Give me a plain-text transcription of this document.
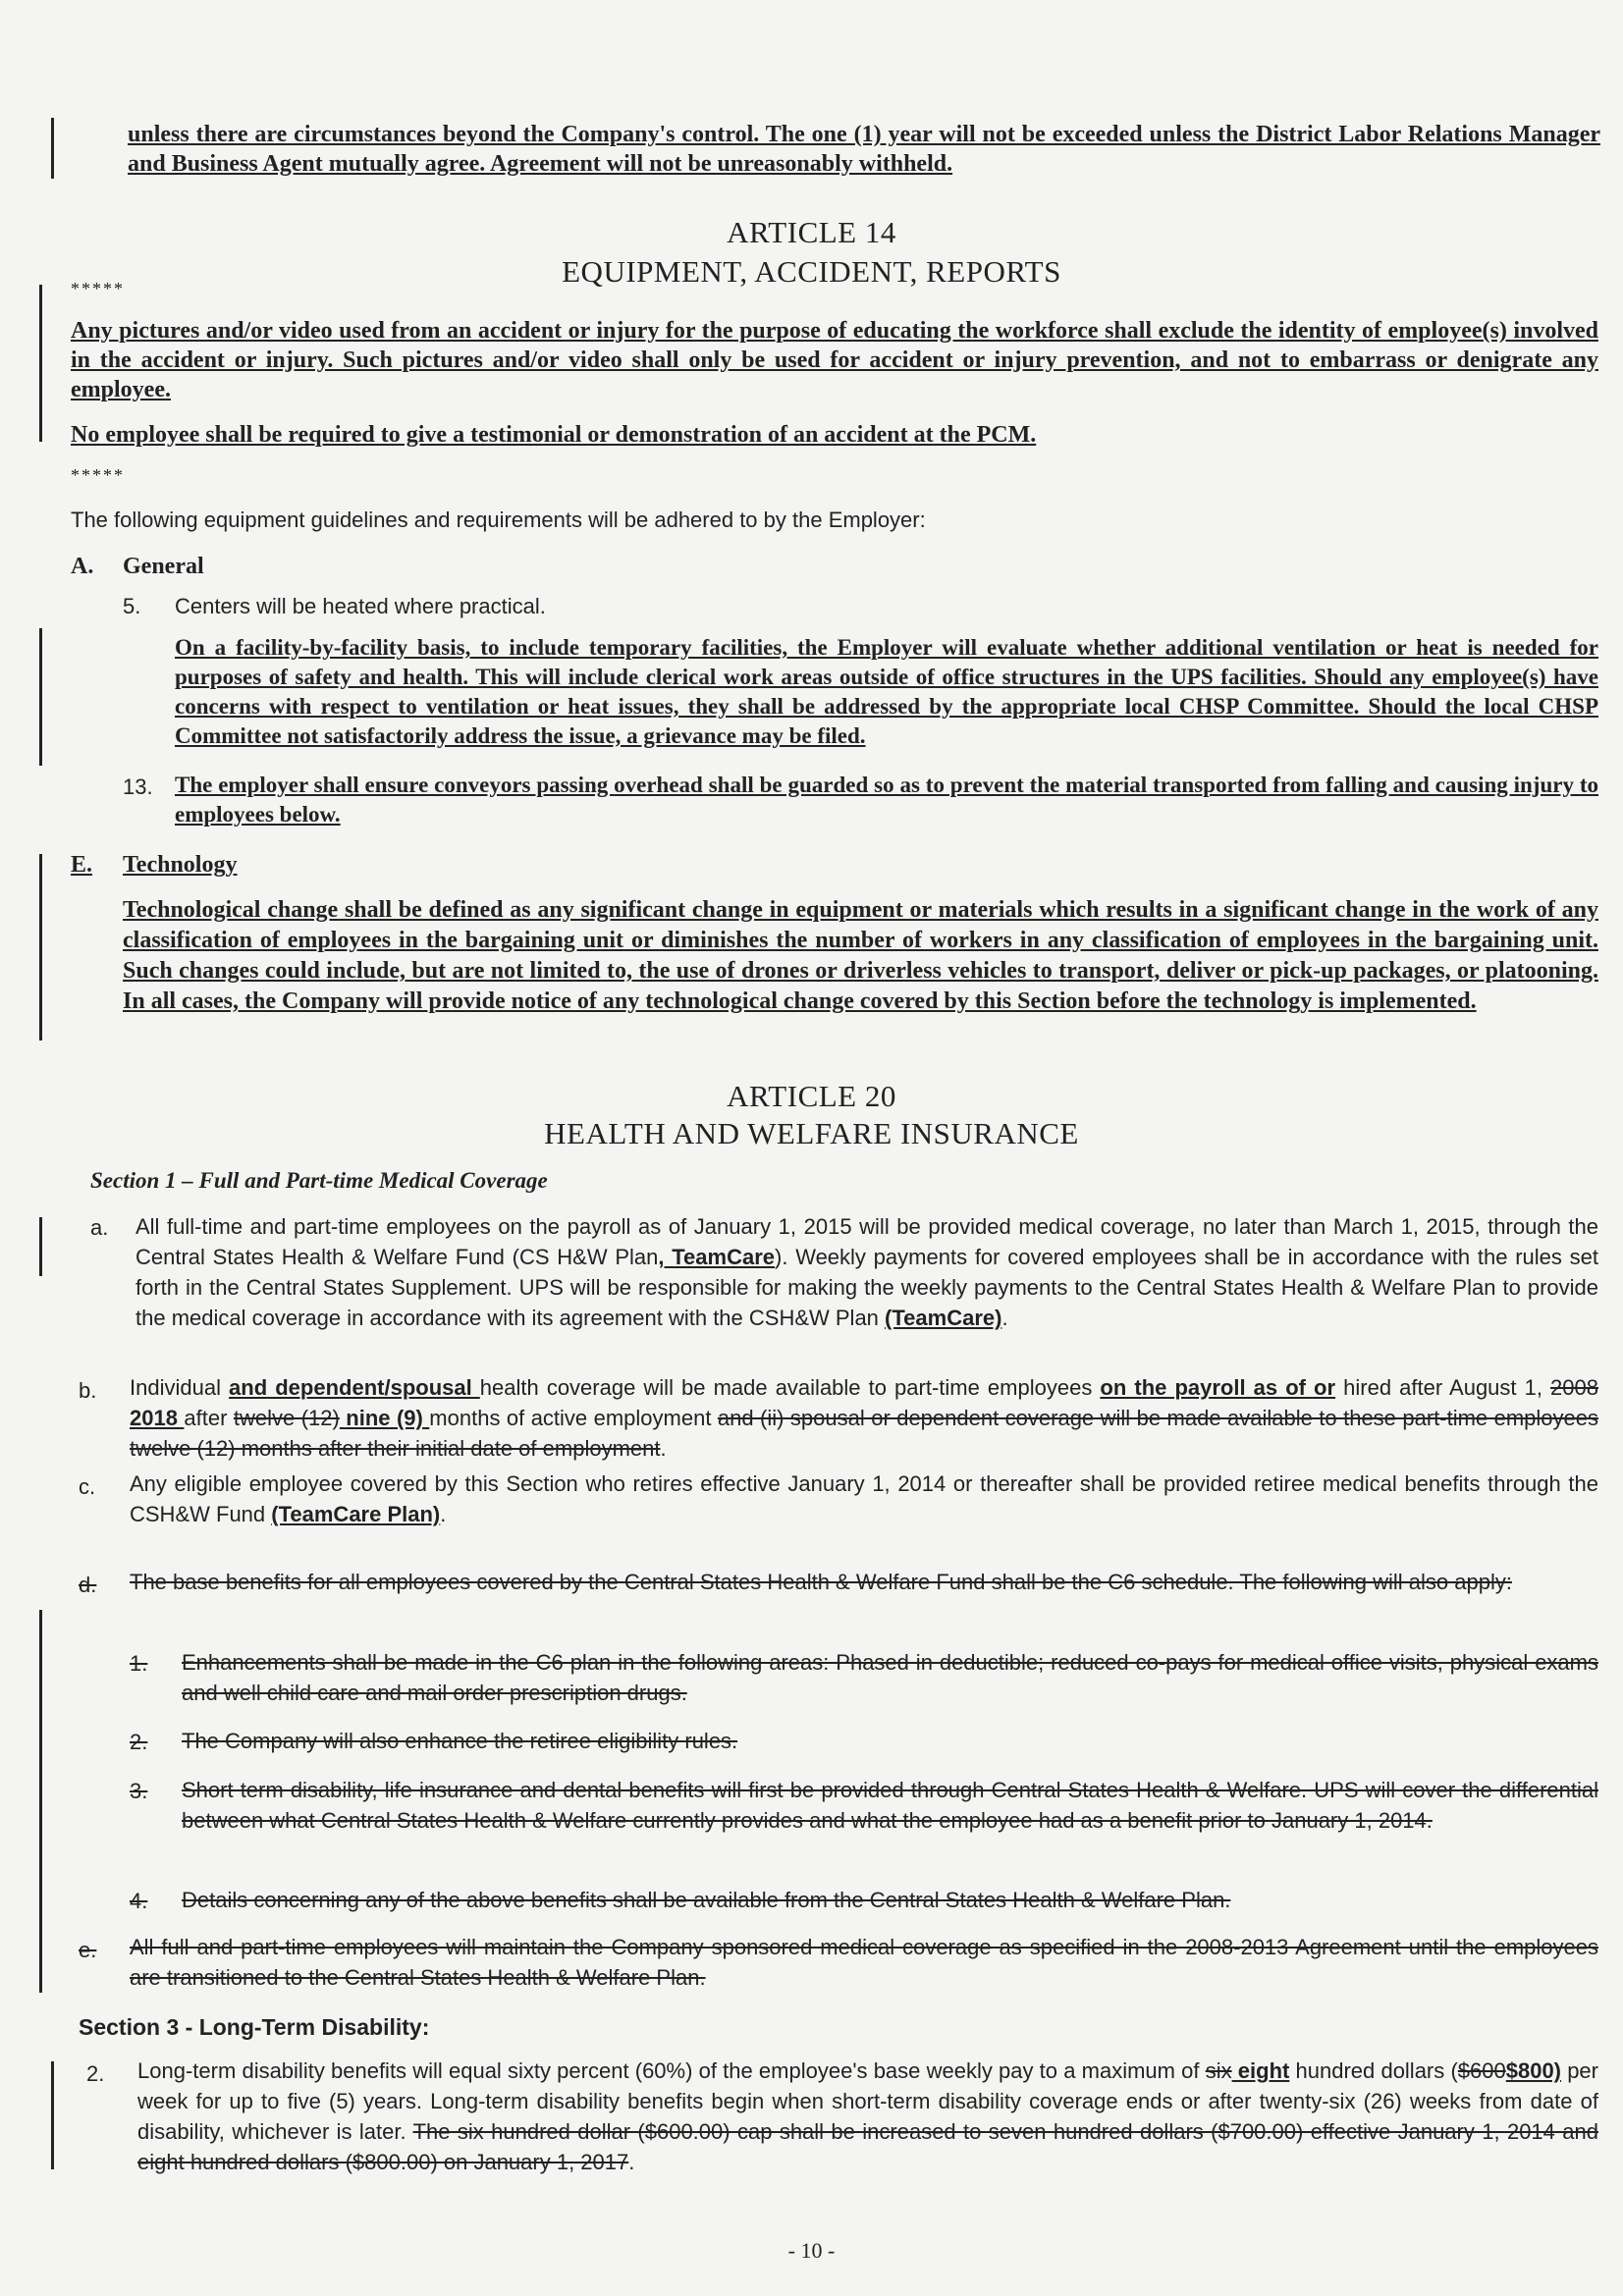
unless there are circumstances beyond the Company's control. The one (1) year will not be exceeded unless the District Labor Relations Manager and Business Agent mutually agree. Agreement will not be unreasonably withheld.

ARTICLE 14
EQUIPMENT, ACCIDENT, REPORTS
*****

Any pictures and/or video used from an accident or injury for the purpose of educating the workforce shall exclude the identity of employee(s) involved in the accident or injury. Such pictures and/or video shall only be used for accident or injury prevention, and not to embarrass or denigrate any employee.

No employee shall be required to give a testimonial or demonstration of an accident at the PCM.

*****

The following equipment guidelines and requirements will be adhered to by the Employer:

A. General
5. Centers will be heated where practical.

On a facility-by-facility basis, to include temporary facilities, the Employer will evaluate whether additional ventilation or heat is needed for purposes of safety and health. This will include clerical work areas outside of office structures in the UPS facilities. Should any employee(s) have concerns with respect to ventilation or heat issues, they shall be addressed by the appropriate local CHSP Committee. Should the local CHSP Committee not satisfactorily address the issue, a grievance may be filed.

13. The employer shall ensure conveyors passing overhead shall be guarded so as to prevent the material transported from falling and causing injury to employees below.

E. Technology

Technological change shall be defined as any significant change in equipment or materials which results in a significant change in the work of any classification of employees in the bargaining unit or diminishes the number of workers in any classification of employees in the bargaining unit. Such changes could include, but are not limited to, the use of drones or driverless vehicles to transport, deliver or pick-up packages, or platooning. In all cases, the Company will provide notice of any technological change covered by this Section before the technology is implemented.

ARTICLE 20
HEALTH AND WELFARE INSURANCE
Section 1 – Full and Part-time Medical Coverage
a. All full-time and part-time employees on the payroll as of January 1, 2015 will be provided medical coverage, no later than March 1, 2015, through the Central States Health & Welfare Fund (CS H&W Plan, TeamCare). Weekly payments for covered employees shall be in accordance with the rules set forth in the Central States Supplement. UPS will be responsible for making the weekly payments to the Central States Health & Welfare Plan to provide the medical coverage in accordance with its agreement with the CSH&W Plan (TeamCare).

b. Individual and dependent/spousal health coverage will be made available to part-time employees on the payroll as of or hired after August 1, 2008 2018 after twelve (12) nine (9) months of active employment and (ii) spousal or dependent coverage will be made available to these part-time employees twelve (12) months after their initial date of employment.

c. Any eligible employee covered by this Section who retires effective January 1, 2014 or thereafter shall be provided retiree medical benefits through the CSH&W Fund (TeamCare Plan).

d. The base benefits for all employees covered by the Central States Health & Welfare Fund shall be the C6 schedule. The following will also apply:

1. Enhancements shall be made in the C6 plan in the following areas: Phased in deductible; reduced co-pays for medical office visits, physical exams and well child care and mail order prescription drugs.

2. The Company will also enhance the retiree eligibility rules.

3. Short term disability, life insurance and dental benefits will first be provided through Central States Health & Welfare. UPS will cover the differential between what Central States Health & Welfare currently provides and what the employee had as a benefit prior to January 1, 2014.

4. Details concerning any of the above benefits shall be available from the Central States Health & Welfare Plan.

e. All full and part-time employees will maintain the Company sponsored medical coverage as specified in the 2008-2013 Agreement until the employees are transitioned to the Central States Health & Welfare Plan.

Section 3 - Long-Term Disability:
2. Long-term disability benefits will equal sixty percent (60%) of the employee's base weekly pay to a maximum of six eight hundred dollars ($600$800) per week for up to five (5) years. Long-term disability benefits begin when short-term disability coverage ends or after twenty-six (26) weeks from date of disability, whichever is later. The six hundred dollar ($600.00) cap shall be increased to seven hundred dollars ($700.00) effective January 1, 2014 and eight hundred dollars ($800.00) on January 1, 2017.

- 10 -
